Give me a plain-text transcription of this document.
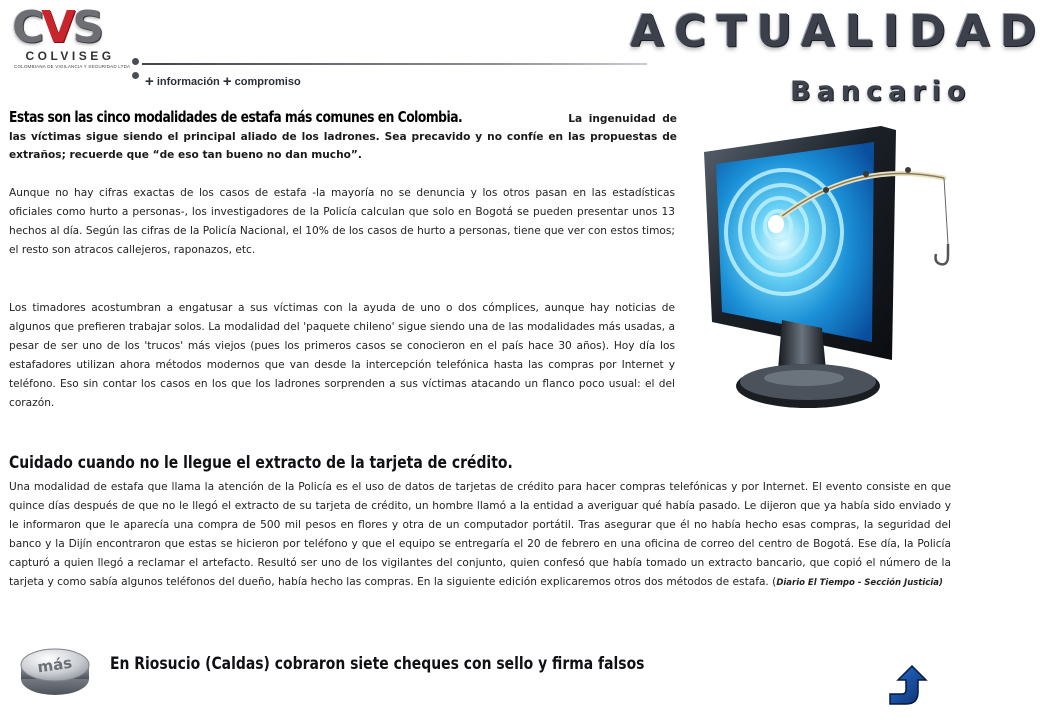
CVS
COLVISEG
COLOMBIANA DE VIGILANCIA Y SEGURIDAD LTDA
+ información + compromiso
ACTUALIDAD
Bancario
Estas son las cinco modalidades de estafa más comunes en Colombia.	La ingenuidad de las víctimas sigue siendo el principal aliado de los ladrones. Sea precavido y no confíe en las propuestas de extraños; recuerde que “de eso tan bueno no dan mucho”.
Aunque no hay cifras exactas de los casos de estafa -la mayoría no se denuncia y los otros pasan en las estadísticas oficiales como hurto a personas-, los investigadores de la Policía calculan que solo en Bogotá se pueden presentar unos 13 hechos al día. Según las cifras de la Policía Nacional, el 10% de los casos de hurto a personas, tiene que ver con estos timos; el resto son atracos callejeros, raponazos, etc.
Los timadores acostumbran a engatusar a sus víctimas con la ayuda de uno o dos cómplices, aunque hay noticias de algunos que prefieren trabajar solos. La modalidad del 'paquete chileno' sigue siendo una de las modalidades más usadas, a pesar de ser uno de los 'trucos' más viejos (pues los primeros casos se conocieron en el país hace 30 años). Hoy día los estafadores utilizan ahora métodos modernos que van desde la intercepción telefónica hasta las compras por Internet y teléfono. Eso sin contar los casos en los que los ladrones sorprenden a sus víctimas atacando un flanco poco usual: el del corazón.
Cuidado cuando no le llegue el extracto de la tarjeta de crédito.
Una modalidad de estafa que llama la atención de la Policía es el uso de datos de tarjetas de crédito para hacer compras telefónicas y por Internet. El evento consiste en que quince días después de que no le llegó el extracto de su tarjeta de crédito, un hombre llamó a la entidad a averiguar qué había pasado. Le dijeron que ya había sido enviado y le informaron que le aparecía una compra de 500 mil pesos en flores y otra de un computador portátil. Tras asegurar que él no había hecho esas compras, la seguridad del banco y la Dijín encontraron que estas se hicieron por teléfono y que el equipo se entregaría el 20 de febrero en una oficina de correo del centro de Bogotá. Ese día, la Policía capturó a quien llegó a reclamar el artefacto. Resultó ser uno de los vigilantes del conjunto, quien confesó que había tomado un extracto bancario, que copió el número de la tarjeta y como sabía algunos teléfonos del dueño, había hecho las compras. En la siguiente edición explicaremos otros dos métodos de estafa. (Diario El Tiempo - Sección Justicia)
más En Riosucio (Caldas) cobraron siete cheques con sello y firma falsos
